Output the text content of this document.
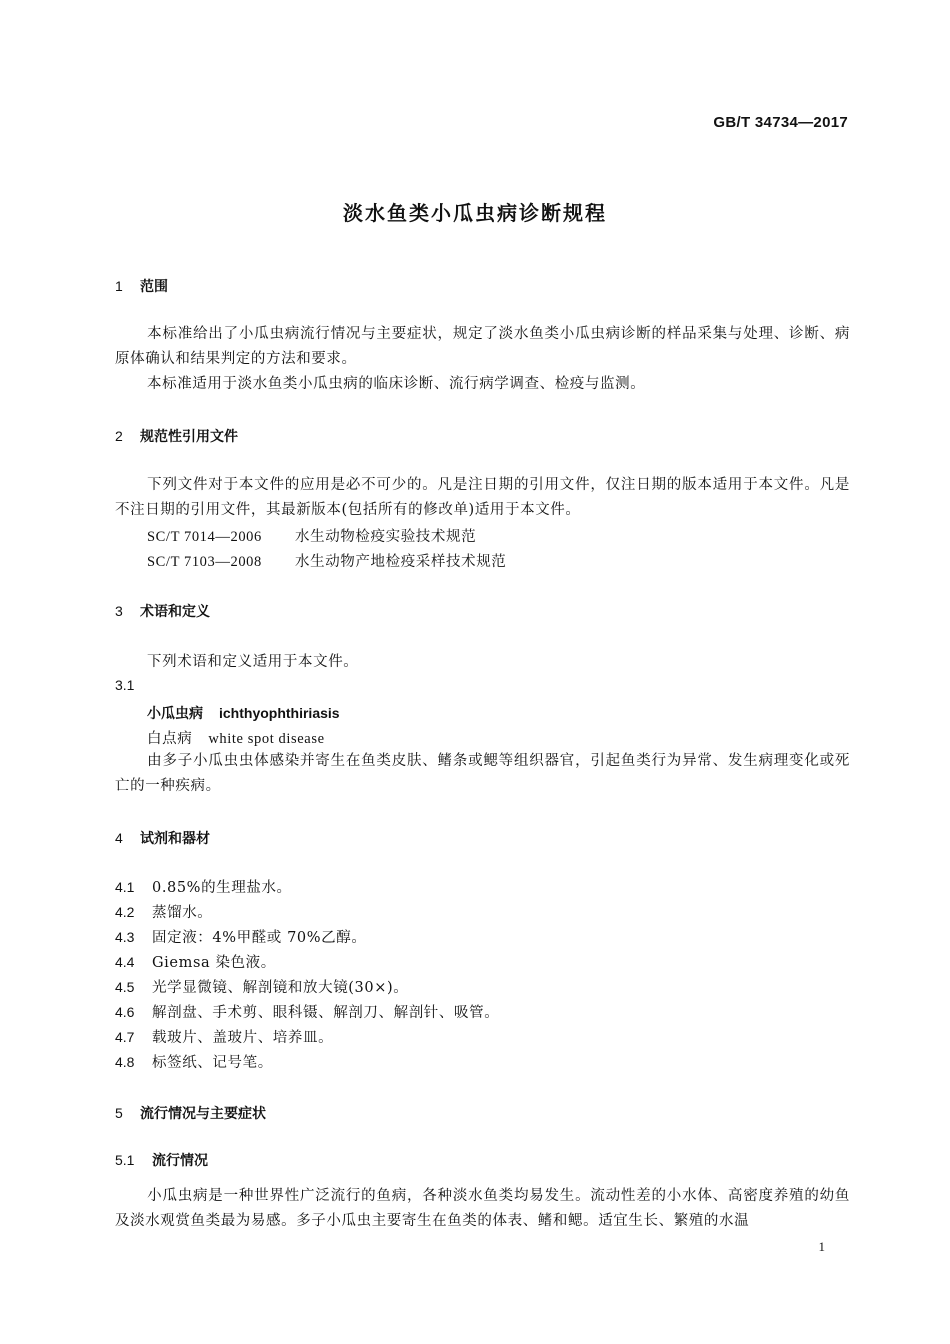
GB/T 34734—2017
淡水鱼类小瓜虫病诊断规程
1 范围
本标准给出了小瓜虫病流行情况与主要症状，规定了淡水鱼类小瓜虫病诊断的样品采集与处理、诊断、病原体确认和结果判定的方法和要求。
本标准适用于淡水鱼类小瓜虫病的临床诊断、流行病学调查、检疫与监测。
2 规范性引用文件
下列文件对于本文件的应用是必不可少的。凡是注日期的引用文件，仅注日期的版本适用于本文件。凡是不注日期的引用文件，其最新版本(包括所有的修改单)适用于本文件。
SC/T 7014—2006 水生动物检疫实验技术规范
SC/T 7103—2008 水生动物产地检疫采样技术规范
3 术语和定义
下列术语和定义适用于本文件。
3.1
小瓜虫病 ichthyophthiriasis
白点病 white spot disease
由多子小瓜虫虫体感染并寄生在鱼类皮肤、鳍条或鳃等组织器官，引起鱼类行为异常、发生病理变化或死亡的一种疾病。
4 试剂和器材
4.1 0.85%的生理盐水。
4.2 蒸馏水。
4.3 固定液：4%甲醛或 70%乙醇。
4.4 Giemsa 染色液。
4.5 光学显微镜、解剖镜和放大镜(30×)。
4.6 解剖盘、手术剪、眼科镊、解剖刀、解剖针、吸管。
4.7 载玻片、盖玻片、培养皿。
4.8 标签纸、记号笔。
5 流行情况与主要症状
5.1 流行情况
小瓜虫病是一种世界性广泛流行的鱼病，各种淡水鱼类均易发生。流动性差的小水体、高密度养殖的幼鱼及淡水观赏鱼类最为易感。多子小瓜虫主要寄生在鱼类的体表、鳍和鳃。适宜生长、繁殖的水温
1
